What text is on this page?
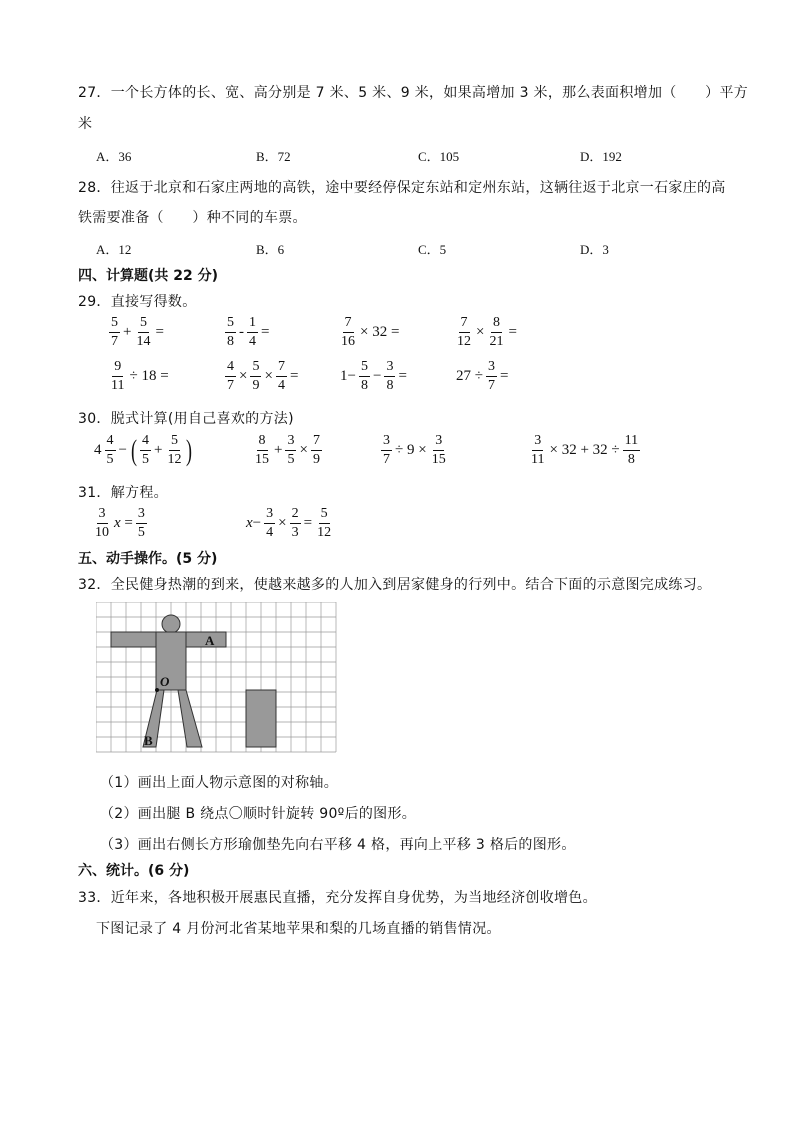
27．一个长方体的长、宽、高分别是 7 米、5 米、9 米，如果高增加 3 米，那么表面积增加（　　）平方
米
A．36	B．72	C．105	D．192
28．往返于北京和石家庄两地的高铁，途中要经停保定东站和定州东站，这辆往返于北京一石家庄的高
铁需要准备（　　）种不同的车票。
A．12	B．6	C．5	D．3
四、计算题(共 22 分)
29．直接写得数。
$\frac{5}{7} + \frac{5}{14}$ =	$\frac{5}{8} - \frac{1}{4}$ =	$\frac{7}{16} \times 32$ =	$\frac{7}{12} \times \frac{8}{21}$ =
$\frac{9}{11} \div 18$ =	$\frac{4}{7} \times \frac{5}{9} \times \frac{7}{4}$ =	$1- \frac{5}{8} - \frac{3}{8}$ =	$27 \div \frac{3}{7}$ =
30．脱式计算(用自己喜欢的方法)
$4 \frac{4}{5}$ − ( $\frac{4}{5} + \frac{5}{12}$ )	$\frac{8}{15} + \frac{3}{5} \times \frac{7}{9}$	$\frac{3}{7} \div 9 \times \frac{3}{15}$	$\frac{3}{11} \times 32 + 32 \div \frac{11}{8}$
31．解方程。
$\frac{3}{10}$ $x = \frac{3}{5}$	$x- \frac{3}{4} \times \frac{2}{3} = \frac{5}{12}$
五、动手操作。(5 分)
32．全民健身热潮的到来，使越来越多的人加入到居家健身的行列中。结合下面的示意图完成练习。
A
B
O
（1）画出上面人物示意图的对称轴。
（2）画出腿 B 绕点〇顺时针旋转 90º后的图形。
（3）画出右侧长方形瑜伽垫先向右平移 4 格，再向上平移 3 格后的图形。
六、统计。(6 分)
33．近年来，各地积极开展惠民直播，充分发挥自身优势，为当地经济创收增色。
下图记录了 4 月份河北省某地苹果和梨的几场直播的销售情况。
